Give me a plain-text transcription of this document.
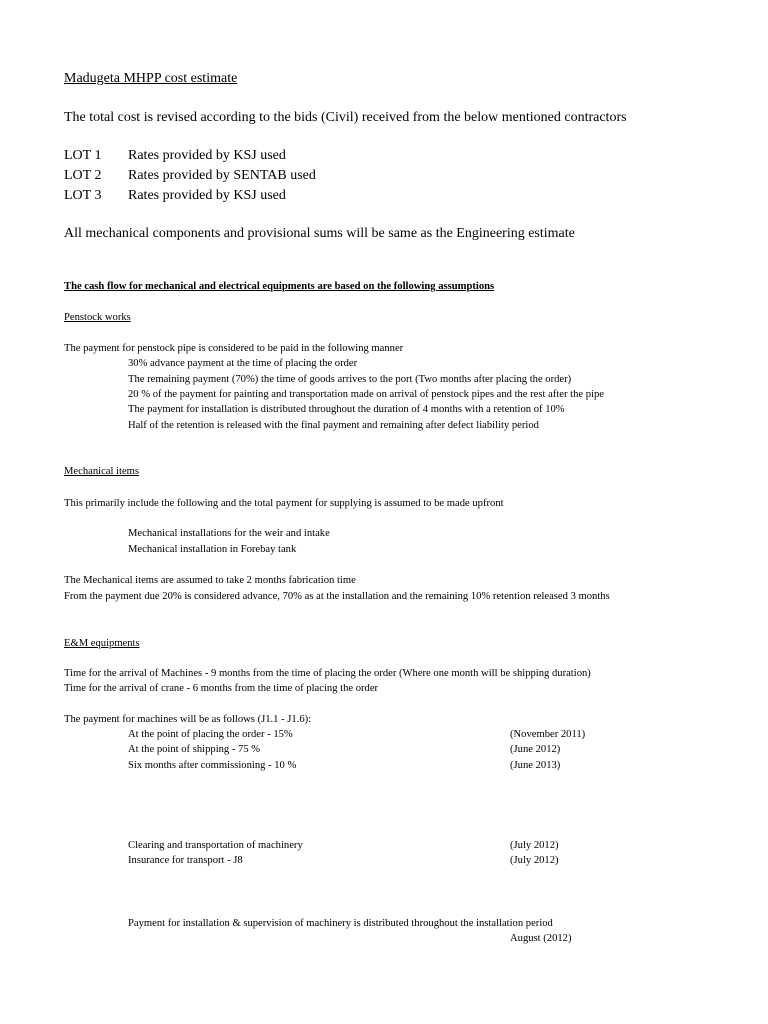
Madugeta MHPP cost estimate
The total cost is revised according to the bids (Civil) received from the below mentioned contractors
LOT 1 Rates provided by KSJ used
LOT 2 Rates provided by SENTAB used
LOT 3 Rates provided by KSJ used
All mechanical components and provisional sums will be same as the Engineering estimate
The cash flow for mechanical and electrical equipments are based on the following assumptions
Penstock works
The payment for penstock pipe is considered to be paid in the following manner
30% advance payment at the time of placing the order
The remaining payment (70%) the time of goods arrives to the port (Two months after placing the order)
20 % of the payment for painting and transportation made on arrival of penstock pipes and the rest after the pipe
The payment for installation is distributed throughout the duration of 4 months with a retention of 10%
Half of the retention is released with the final payment and remaining after defect liability period
Mechanical items
This primarily include the following and the total payment for supplying is assumed to be made upfront
Mechanical installations for the weir and intake
Mechanical installation in Forebay tank
The Mechanical items are assumed to take 2 months fabrication time
From the payment due 20% is considered advance, 70% as at the installation and the remaining 10% retention released 3 months
E&M equipments
Time for the arrival of Machines - 9 months from the time of placing the order (Where one month will be shipping duration)
Time for the arrival of crane - 6 months from the time of placing the order
The payment for machines will be as follows (J1.1 - J1.6):
At the point of placing the order - 15%	(November 2011)
At the point of shipping - 75 %	(June 2012)
Six months after commissioning - 10 %	(June 2013)
Clearing and transportation of machinery	(July 2012)
Insurance for transport - J8	(July 2012)
Payment for installation & supervision of machinery is distributed throughout the installation period
August (2012)
